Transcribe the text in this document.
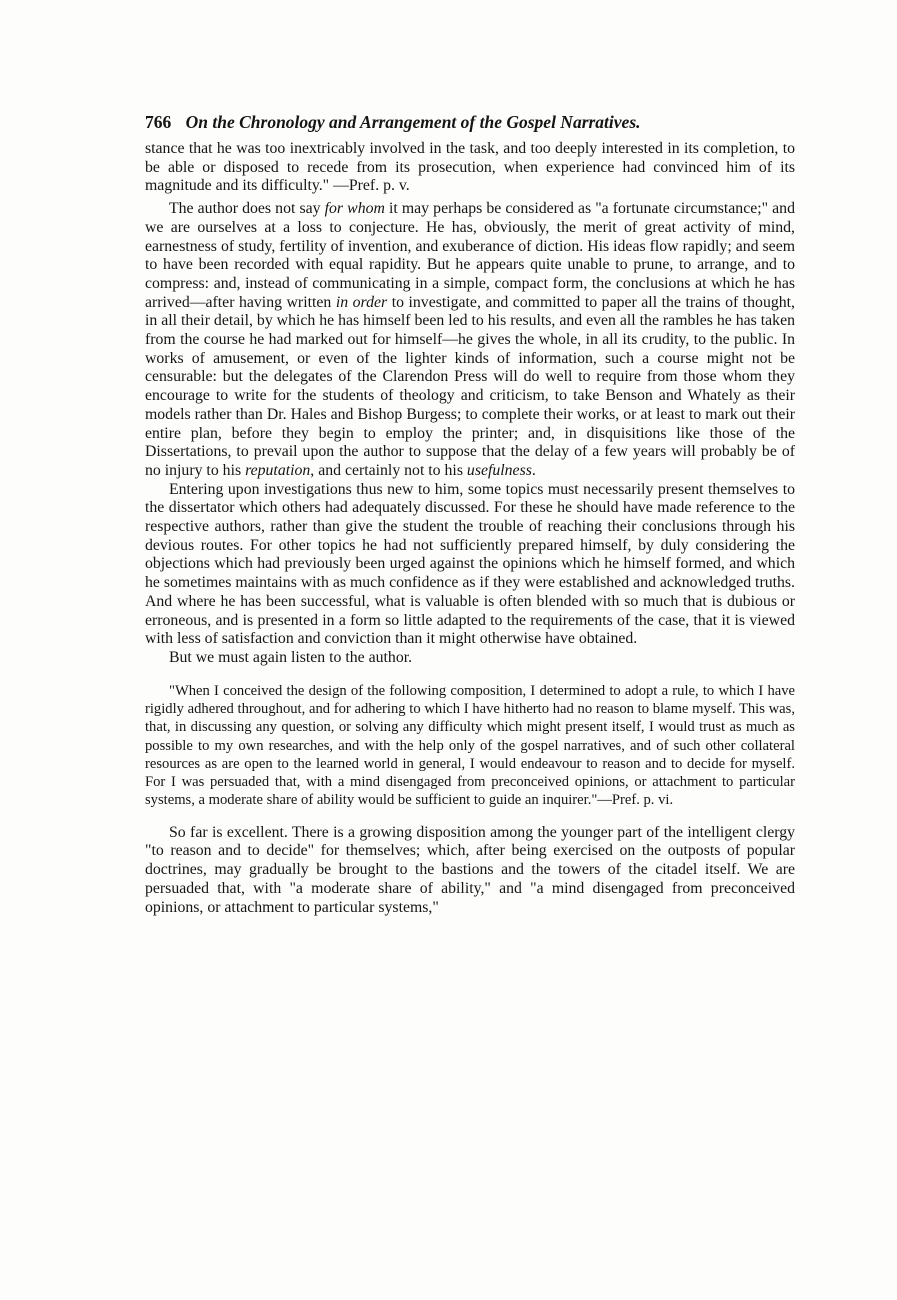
766 On the Chronology and Arrangement of the Gospel Narratives.

stance that he was too inextricably involved in the task, and too deeply interested in its completion, to be able or disposed to recede from its prosecution, when experience had convinced him of its magnitude and its difficulty." —Pref. p. v.

The author does not say for whom it may perhaps be considered as "a fortunate circumstance;" and we are ourselves at a loss to conjecture. He has, obviously, the merit of great activity of mind, earnestness of study, fertility of invention, and exuberance of diction. His ideas flow rapidly; and seem to have been recorded with equal rapidity. But he appears quite unable to prune, to arrange, and to compress: and, instead of communicating in a simple, compact form, the conclusions at which he has arrived—after having written in order to investigate, and committed to paper all the trains of thought, in all their detail, by which he has himself been led to his results, and even all the rambles he has taken from the course he had marked out for himself—he gives the whole, in all its crudity, to the public. In works of amusement, or even of the lighter kinds of information, such a course might not be censurable: but the delegates of the Clarendon Press will do well to require from those whom they encourage to write for the students of theology and criticism, to take Benson and Whately as their models rather than Dr. Hales and Bishop Burgess; to complete their works, or at least to mark out their entire plan, before they begin to employ the printer; and, in disquisitions like those of the Dissertations, to prevail upon the author to suppose that the delay of a few years will probably be of no injury to his reputation, and certainly not to his usefulness.

Entering upon investigations thus new to him, some topics must necessarily present themselves to the dissertator which others had adequately discussed. For these he should have made reference to the respective authors, rather than give the student the trouble of reaching their conclusions through his devious routes. For other topics he had not sufficiently prepared himself, by duly considering the objections which had previously been urged against the opinions which he himself formed, and which he sometimes maintains with as much confidence as if they were established and acknowledged truths. And where he has been successful, what is valuable is often blended with so much that is dubious or erroneous, and is presented in a form so little adapted to the requirements of the case, that it is viewed with less of satisfaction and conviction than it might otherwise have obtained.

But we must again listen to the author.

"When I conceived the design of the following composition, I determined to adopt a rule, to which I have rigidly adhered throughout, and for adhering to which I have hitherto had no reason to blame myself. This was, that, in discussing any question, or solving any difficulty which might present itself, I would trust as much as possible to my own researches, and with the help only of the gospel narratives, and of such other collateral resources as are open to the learned world in general, I would endeavour to reason and to decide for myself. For I was persuaded that, with a mind disengaged from preconceived opinions, or attachment to particular systems, a moderate share of ability would be sufficient to guide an inquirer."—Pref. p. vi.

So far is excellent. There is a growing disposition among the younger part of the intelligent clergy "to reason and to decide" for themselves; which, after being exercised on the outposts of popular doctrines, may gradually be brought to the bastions and the towers of the citadel itself. We are persuaded that, with "a moderate share of ability," and "a mind disengaged from preconceived opinions, or attachment to particular systems,"
